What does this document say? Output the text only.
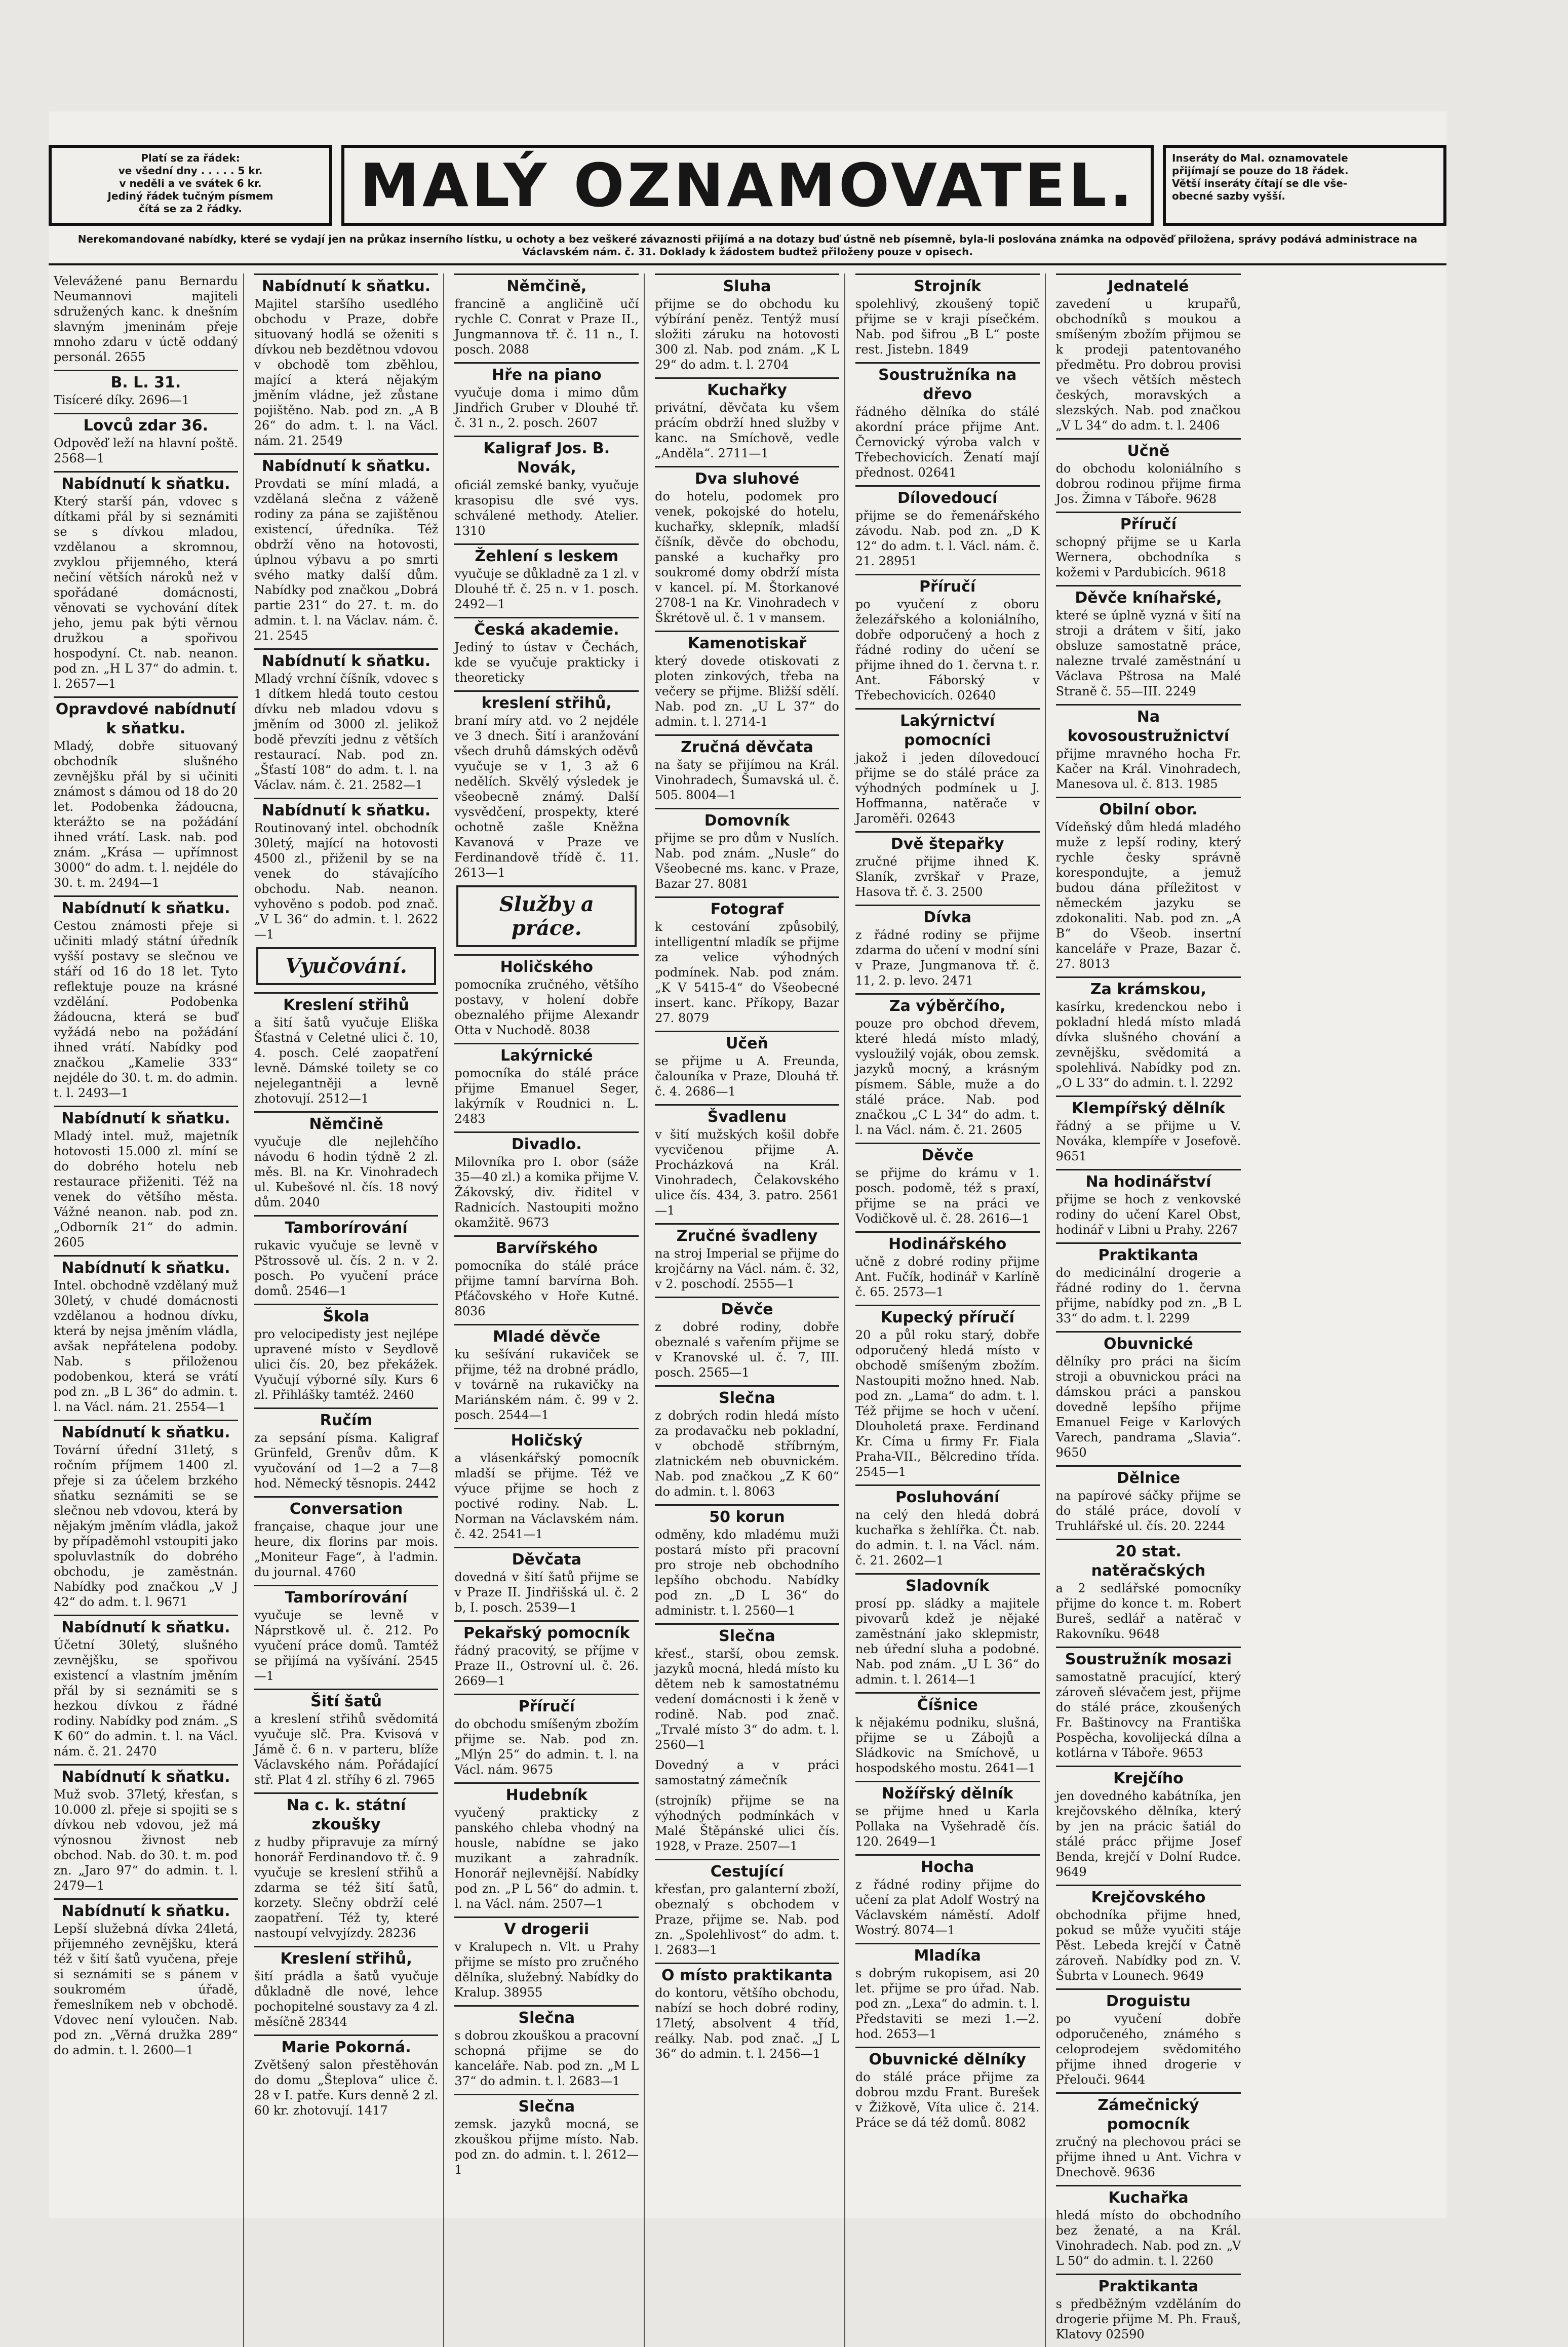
Platí se za řádek:
ve všední dny . . . . . 5 kr.
v neděli a ve svátek 6 kr.
Jediný řádek tučným písmem
čítá se za 2 řádky.	MALÝ OZNAMOVATEL.	Inseráty do Mal. oznamovatele
přijímají se pouze do 18 řádek.
Větší inseráty čítají se dle vše-
obecné sazby vyšší.
Nerekomandované nabídky, které se vydají jen na průkaz inserního lístku, u ochoty a bez veškeré závaznosti přijímá a na dotazy buď ústně neb písemně, byla-li poslována známka na odpověď přiložena, správy podává administrace na Václavském nám. č. 31. Doklady k žádostem budtež přiloženy pouze v opisech.

Velevážené panu Bernardu Neumannovi majiteli sdružených kanc. k dnešním slavným jmeninám přeje mnoho zdaru v úctě oddaný personál. 2655

B. L. 31.

Tisíceré díky. 2696—1

Lovců zdar 36.

Odpověď leží na hlavní poště. 2568—1

Nabídnutí k sňatku.

Který starší pán, vdovec s dítkami přál by si seznámiti se s dívkou mladou, vzdělanou a skromnou, zvyklou přijemného, která nečiní větších nároků než v spořádané domácnosti, věnovati se vychování dítek jeho, jemu pak býti věrnou družkou a spořivou hospodyní. Ct. nab. neanon. pod zn. „H L 37“ do admin. t. l. 2657—1

Opravdové nabídnutí k sňatku.

Mladý, dobře situovaný obchodník slušného zevnějšku přál by si učiniti známost s dámou od 18 do 20 let. Podobenka žádoucna, kterážto se na požádání ihned vrátí. Lask. nab. pod znám. „Krása — upřímnost 3000“ do adm. t. l. nejdéle do 30. t. m. 2494—1

Nabídnutí k sňatku.

Cestou známosti přeje si učiniti mladý státní úředník vyšší postavy se slečnou ve stáří od 16 do 18 let. Tyto reflektuje pouze na krásné vzdělání. Podobenka žádoucna, která se buď vyžádá nebo na požádání ihned vrátí. Nabídky pod značkou „Kamelie 333“ nejdéle do 30. t. m. do admin. t. l. 2493—1

Nabídnutí k sňatku.

Mladý intel. muž, majetník hotovosti 15.000 zl. míní se do dobrého hotelu neb restaurace přiženiti. Též na venek do většího města. Vážné neanon. nab. pod zn. „Odborník 21“ do admin. 2605

Nabídnutí k sňatku.

Intel. obchodně vzdělaný muž 30letý, v chudé domácnosti vzdělanou a hodnou dívku, která by nejsa jměním vládla, avšak nepřátelena podoby. Nab. s přiloženou podobenkou, která se vrátí pod zn. „B L 36“ do admin. t. l. na Václ. nám. 21. 2554—1

Nabídnutí k sňatku.

Tovární úřední 31letý, s ročním příjmem 1400 zl. přeje si za účelem brzkého sňatku seznámiti se se slečnou neb vdovou, která by nějakým jměním vládla, jakož by případěmohl vstoupiti jako spoluvlastník do dobrého obchodu, je zaměstnán. Nabídky pod značkou „V J 42“ do adm. t. l. 9671

Nabídnutí k sňatku.

Účetní 30letý, slušného zevnějšku, se spořivou existencí a vlastním jměním přál by si seznámiti se s hezkou dívkou z řádné rodiny. Nabídky pod znám. „S K 60“ do admin. t. l. na Václ. nám. č. 21. 2470

Nabídnutí k sňatku.

Muž svob. 37letý, křesťan, s 10.000 zl. přeje si spojiti se s dívkou neb vdovou, jež má výnosnou živnost neb obchod. Nab. do 30. t. m. pod zn. „Jaro 97“ do admin. t. l. 2479—1

Nabídnutí k sňatku.

Lepší služebná dívka 24letá, přijemného zevnějšku, která též v šití šatů vyučena, přeje si seznámiti se s pánem v soukromém úřadě, řemeslníkem neb v obchodě. Vdovec není vyloučen. Nab. pod zn. „Věrná družka 289“ do admin. t. l. 2600—1

Nabídnutí k sňatku.

Majitel staršího usedlého obchodu v Praze, dobře situovaný hodlá se oženiti s dívkou neb bezdětnou vdovou v obchodě tom zběhlou, mající a která nějakým jměním vládne, jež zůstane pojištěno. Nab. pod zn. „A B 26“ do adm. t. l. na Václ. nám. 21. 2549

Nabídnutí k sňatku.

Provdati se míní mladá, a vzdělaná slečna z váženě rodiny za pána se zajištěnou existencí, úředníka. Též obdrží věno na hotovosti, úplnou výbavu a po smrti svého matky další dům. Nabídky pod značkou „Dobrá partie 231“ do 27. t. m. do admin. t. l. na Václav. nám. č. 21. 2545

Nabídnutí k sňatku.

Mladý vrchní číšník, vdovec s 1 dítkem hledá touto cestou dívku neb mladou vdovu s jměním od 3000 zl. jelikož bodě převzíti jednu z větších restaurací. Nab. pod zn. „Šťastí 108“ do adm. t. l. na Václav. nám. č. 21. 2582—1

Nabídnutí k sňatku.

Routinovaný intel. obchodník 30letý, mající na hotovosti 4500 zl., přiženil by se na venek do stávajícího obchodu. Nab. neanon. vyhověno s podob. pod znač. „V L 36“ do admin. t. l. 2622—1

Vyučování.
Kreslení střihů

a šití šatů vyučuje Eliška Šťastná v Celetné ulici č. 10, 4. posch. Celé zaopatření levně. Dámské toilety se co nejelegantněji a levně zhotovují. 2512—1

Němčině

vyučuje dle nejlehčího návodu 6 hodin týdně 2 zl. měs. Bl. na Kr. Vinohradech ul. Kubešové nl. čís. 18 nový dům. 2040

Tamborírování

rukavic vyučuje se levně v Pštrossově ul. čís. 2 n. v 2. posch. Po vyučení práce domů. 2546—1

Škola

pro velocipedisty jest nejlépe upravené místo v Seydlově ulici čís. 20, bez překážek. Vyučují výborné síly. Kurs 6 zl. Přihlášky tamtéž. 2460

Ručím

za sepsání písma. Kaligraf Grünfeld, Grenův dům. K vyučování od 1—2 a 7—8 hod. Německý těsnopis. 2442

Conversation

française, chaque jour une heure, dix florins par mois. „Moniteur Fage“, à l'admin. du journal. 4760

Tamborírování

vyučuje se levně v Náprstkově ul. č. 212. Po vyučení práce domů. Tamtéž se přijímá na vyšívání. 2545—1

Šití šatů

a kreslení střihů svědomitá vyučuje slč. Pra. Kvisová v Jámě č. 6 n. v parteru, blíže Václavského nám. Pořádající stř. Plat 4 zl. stříhy 6 zl. 7965

Na c. k. státní zkoušky

z hudby připravuje za mírný honorář Ferdinandovo tř. č. 9 vyučuje se kreslení střihů a zdarma se též šití šatů, korzety. Slečny obdrží celé zaopatření. Též ty, které nastoupí velvyjízdy. 28236

Kreslení střihů,

šití prádla a šatů vyučuje důkladně dle nové, lehce pochopitelné soustavy za 4 zl. měsíčně 28344

Marie Pokorná.

Zvětšený salon přestěhován do domu „Šteplova“ ulice č. 28 v I. patře. Kurs denně 2 zl. 60 kr. zhotovují. 1417

Němčině,

francině a angličině učí rychle C. Conrat v Praze II., Jungmannova tř. č. 11 n., I. posch. 2088

Hře na piano

vyučuje doma i mimo dům Jindřich Gruber v Dlouhé tř. č. 31 n., 2. posch. 2607

Kaligraf Jos. B. Novák,

oficiál zemské banky, vyučuje krasopisu dle své vys. schválené methody. Atelier. 1310

Žehlení s leskem

vyučuje se důkladně za 1 zl. v Dlouhé tř. č. 25 n. v 1. posch. 2492—1

Česká akademie.

Jediný to ústav v Čechách, kde se vyučuje prakticky i theoreticky

kreslení střihů,

braní míry atd. vo 2 nejdéle ve 3 dnech. Šití i aranžování všech druhů dámských oděvů vyučuje se v 1, 3 až 6 nedělích. Skvělý výsledek je všeobecně známý. Další vysvědčení, prospekty, které ochotně zašle Kněžna Kavanová v Praze ve Ferdinandově třídě č. 11. 2613—1

Služby a práce.
Holičského

pomocníka zručného, většího postavy, v holení dobře obeznalého přijme Alexandr Otta v Nuchodě. 8038

Lakýrnické

pomocníka do stálé práce přijme Emanuel Seger, lakýrník v Roudnici n. L. 2483

Divadlo.

Milovníka pro I. obor (sáže 35—40 zl.) a komika přijme V. Žákovský, div. řiditel v Radnicích. Nastoupiti možno okamžitě. 9673

Barvířského

pomocníka do stálé práce přijme tamní barvírna Boh. Pťáčovského v Hoře Kutné. 8036

Mladé děvče

ku sešívání rukaviček se přijme, též na drobné prádlo, v továrně na rukavičky na Mariánském nám. č. 99 v 2. posch. 2544—1

Holičský

a vlásenkářský pomocník mladší se přijme. Též ve výuce přijme se hoch z poctivé rodiny. Nab. L. Norman na Václavském nám. č. 42. 2541—1

Děvčata

dovedná v šití šatů přijme se v Praze II. Jindřišská ul. č. 2 b, I. posch. 2539—1

Pekařský pomocník

řádný pracovitý, se příjme v Praze II., Ostrovní ul. č. 26. 2669—1

Příručí

do obchodu smíšeným zbožím přijme se. Nab. pod zn. „Mlýn 25“ do admin. t. l. na Václ. nám. 9675

Hudebník

vyučený prakticky z panského chleba vhodný na housle, nabídne se jako muzikant a zahradník. Honorář nejlevnější. Nabídky pod zn. „P L 56“ do admin. t. l. na Václ. nám. 2507—1

V drogerii

v Kralupech n. Vlt. u Prahy přijme se místo pro zručného dělníka, služebný. Nabídky do Kralup. 38955

Slečna

s dobrou zkouškou a pracovní schopná přijme se do kanceláře. Nab. pod zn. „M L 37“ do admin. t. l. 2683—1

Slečna

zemsk. jazyků mocná, se zkouškou přijme místo. Nab. pod zn. do admin. t. l. 2612—1

Sluha

přijme se do obchodu ku výbírání peněz. Tentýž musí složiti záruku na hotovosti 300 zl. Nab. pod znám. „K L 29“ do adm. t. l. 2704

Kuchařky

privátní, děvčata ku všem prácím obdrží hned služby v kanc. na Smíchově, vedle „Anděla“. 2711—1

Dva sluhové

do hotelu, podomek pro venek, pokojské do hotelu, kuchařky, sklepník, mladší číšník, děvče do obchodu, panské a kuchařky pro soukromé domy obdrží místa v kancel. pí. M. Štorkanové 2708-1 na Kr. Vinohradech v Škrétově ul. č. 1 v mansem.

Kamenotiskař

který dovede otiskovati z ploten zinkových, třeba na večery se přijme. Bližší sdělí. Nab. pod zn. „U L 37“ do admin. t. l. 2714-1

Zručná děvčata

na šaty se přijímou na Král. Vinohradech, Šumavská ul. č. 505. 8004—1

Domovník

přijme se pro dům v Nuslích. Nab. pod znám. „Nusle“ do Všeobecné ms. kanc. v Praze, Bazar 27. 8081

Fotograf

k cestování způsobilý, intelligentní mladík se přijme za velice výhodných podmínek. Nab. pod znám. „K V 5415-4“ do Všeobecné insert. kanc. Příkopy, Bazar 27. 8079

Učeň

se přijme u A. Freunda, čalouníka v Praze, Dlouhá tř. č. 4. 2686—1

Švadlenu

v šití mužských košil dobře vycvičenou přijme A. Procházková na Král. Vinohradech, Čelakovského ulice čís. 434, 3. patro. 2561—1

Zručné švadleny

na stroj Imperial se přijme do krojčárny na Václ. nám. č. 32, v 2. poschodí. 2555—1

Děvče

z dobré rodiny, dobře obeznalé s vařením přijme se v Kranovské ul. č. 7, III. posch. 2565—1

Slečna

z dobrých rodin hledá místo za prodavačku neb pokladní, v obchodě stříbrným, zlatnickém neb obuvnickém. Nab. pod značkou „Z K 60“ do admin. t. l. 8063

50 korun

odměny, kdo mladému muži postará místo při pracovní pro stroje neb obchodního lepšího obchodu. Nabídky pod zn. „D L 36“ do administr. t. l. 2560—1

Slečna

křesť., starší, obou zemsk. jazyků mocná, hledá místo ku dětem neb k samostatnému vedení domácnosti i k ženě v rodině. Nab. pod znač. „Trvalé místo 3“ do adm. t. l. 2560—1

Dovedný a v práci samostatný zámečník

(strojník) přijme se na výhodných podmínkách v Malé Štěpánské ulici čís. 1928, v Praze. 2507—1

Cestující

křesťan, pro galanterní zboží, obeznalý s obchodem v Praze, přijme se. Nab. pod zn. „Spolehlivost“ do adm. t. l. 2683—1

O místo praktikanta

do kontoru, většího obchodu, nabízí se hoch dobré rodiny, 17letý, absolvent 4 tříd, reálky. Nab. pod znač. „J L 36“ do admin. t. l. 2456—1

Strojník

spolehlivý, zkoušený topič přijme se v kraji písečkém. Nab. pod šifrou „B L“ poste rest. Jistebn. 1849

Soustružníka na dřevo

řádného dělníka do stálé akordní práce přijme Ant. Černovický výroba valch v Třebechovicích. Ženatí mají přednost. 02641

Dílovedoucí

přijme se do řemenářského závodu. Nab. pod zn. „D K 12“ do adm. t. l. Václ. nám. č. 21. 28951

Příručí

po vyučení z oboru železářského a koloniálního, dobře odporučený a hoch z řádné rodiny do učení se přijme ihned do 1. června t. r. Ant. Fáborský v Třebechovicích. 02640

Lakýrnictví pomocníci

jakož i jeden dílovedoucí přijme se do stálé práce za výhodných podmínek u J. Hoffmanna, natěrače v Jaroměři. 02643

Dvě štepařky

zručné přijme ihned K. Slaník, zvrškař v Praze, Hasova tř. č. 3. 2500

Dívka

z řádné rodiny se přijme zdarma do učení v modní síni v Praze, Jungmanova tř. č. 11, 2. p. levo. 2471

Za výběrčího,

pouze pro obchod dřevem, které hledá místo mladý, vysloužilý voják, obou zemsk. jazyků mocný, a krásným písmem. Sáble, muže a do stálé práce. Nab. pod značkou „C L 34“ do adm. t. l. na Václ. nám. č. 21. 2605

Děvče

se přijme do krámu v 1. posch. podomě, též s praxí, přijme se na práci ve Vodičkově ul. č. 28. 2616—1

Hodinářského

učně z dobré rodiny přijme Ant. Fučík, hodinář v Karlíně č. 65. 2573—1

Kupecký příručí

20 a půl roku starý, dobře odporučený hledá místo v obchodě smíšeným zbožím. Nastoupiti možno hned. Nab. pod zn. „Lama“ do adm. t. l. Též přijme se hoch v učení. Dlouholetá praxe. Ferdinand Kr. Címa u firmy Fr. Fiala Praha-VII., Bělcredino třída. 2545—1

Posluhování

na celý den hledá dobrá kuchařka s žehlířka. Čt. nab. do admin. t. l. na Václ. nám. č. 21. 2602—1

Sladovník

prosí pp. sládky a majitele pivovarů kdež je nějaké zaměstnání jako sklepmistr, neb úřední sluha a podobné. Nab. pod znám. „U L 36“ do admin. t. l. 2614—1

Číšnice

k nějakému podniku, slušná, přijme se u Zábojů a Sládkovic na Smíchově, u hospodského mostu. 2641—1

Nožířský dělník

se přijme hned u Karla Pollaka na Vyšehradě čís. 120. 2649—1

Hocha

z řádné rodiny přijme do učení za plat Adolf Wostrý na Václavském náměstí. Adolf Wostrý. 8074—1

Mladíka

s dobrým rukopisem, asi 20 let. přijme se pro úřad. Nab. pod zn. „Lexa“ do admin. t. l. Představiti se mezi 1.—2. hod. 2653—1

Obuvnické dělníky

do stálé práce přijme za dobrou mzdu Frant. Burešek v Žižkově, Víta ulice č. 214. Práce se dá též domů. 8082

Jednatelé

zavedení u krupařů, obchodníků s moukou a smíšeným zbožím přijmou se k prodeji patentovaného předmětu. Pro dobrou provisi ve všech větších městech českých, moravských a slezských. Nab. pod značkou „V L 34“ do adm. t. l. 2406

Učně

do obchodu koloniálního s dobrou rodinou přijme firma Jos. Žimna v Táboře. 9628

Příručí

schopný přijme se u Karla Wernera, obchodníka s kožemi v Pardubicích. 9618

Děvče kníhařské,

které se úplně vyzná v šití na stroji a drátem v šití, jako obsluze samostatně práce, nalezne trvalé zaměstnání u Václava Pštrosa na Malé Straně č. 55—III. 2249

Na kovosoustružnictví

přijme mravného hocha Fr. Kačer na Král. Vinohradech, Manesova ul. č. 813. 1985

Obilní obor.

Vídeňský dům hledá mladého muže z lepší rodiny, který rychle česky správně korespondujte, a jemuž budou dána příležitost v německém jazyku se zdokonaliti. Nab. pod zn. „A B“ do Všeob. insertní kanceláře v Praze, Bazar č. 27. 8013

Za krámskou,

kasírku, kredenckou nebo i pokladní hledá místo mladá dívka slušného chování a zevnějšku, svědomitá a spolehlivá. Nabídky pod zn. „O L 33“ do admin. t. l. 2292

Klempířský dělník

řádný a se přijme u V. Nováka, klempíře v Josefově. 9651

Na hodinářství

přijme se hoch z venkovské rodiny do učení Karel Obst, hodinář v Libni u Prahy. 2267

Praktikanta

do medicinální drogerie a řádné rodiny do 1. června přijme, nabídky pod zn. „B L 33“ do adm. t. l. 2299

Obuvnické

dělníky pro práci na šicím stroji a obuvnickou práci na dámskou práci a panskou dovedně lepšího přijme Emanuel Feige v Karlových Varech, pandrama „Slavia“. 9650

Dělnice

na papírové sáčky přijme se do stálé práce, dovolí v Truhlářské ul. čís. 20. 2244

20 stat. natěračských

a 2 sedlářské pomocníky přijme do konce t. m. Robert Bureš, sedlář a natěrač v Rakovníku. 9648

Soustružník mosazi

samostatně pracující, který zároveň slévačem jest, přijme do stálé práce, zkoušených Fr. Baštinovcy na Františka Pospěcha, kovolijecká dílna a kotlárna v Táboře. 9653

Krejčího

jen dovedného kabátníka, jen krejčovského dělníka, který by jen na prácic šatiál do stálé prácc přijme Josef Benda, krejčí v Dolní Rudce. 9649

Krejčovského

obchodníka přijme hned, pokud se může vyučiti stáje Pěst. Lebeda krejčí v Čatně zároveň. Nabídky pod zn. V. Šubrta v Lounech. 9649

Droguistu

po vyučení dobře odporučeného, známého s celoprodejem svědomitého přijme ihned drogerie v Přelouči. 9644

Zámečnický pomocník

zručný na plechovou práci se přijme ihned u Ant. Vichra v Dnechově. 9636

Kuchařka

hledá místo do obchodního bez ženaté, a na Král. Vinohradech. Nab. pod zn. „V L 50“ do admin. t. l. 2260

Praktikanta

s předběžným vzděláním do drogerie přijme M. Ph. Frauš, Klatovy 02590
